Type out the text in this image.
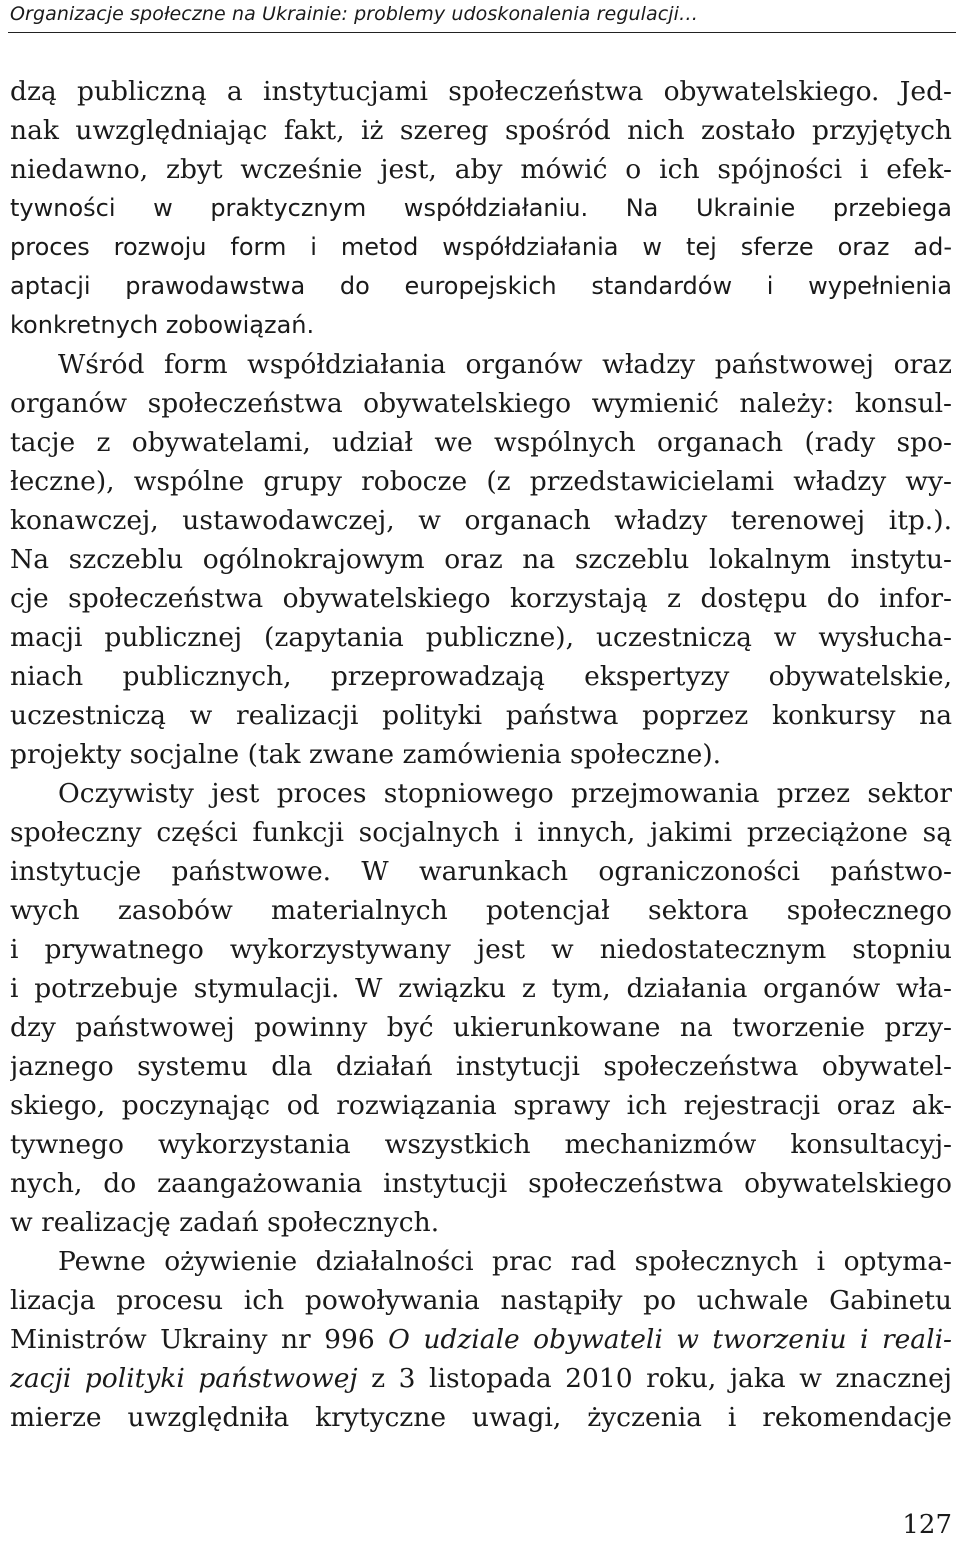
Organizacje społeczne na Ukrainie: problemy udoskonalenia regulacji…
dzą publiczną a instytucjami społeczeństwa obywatelskiego. Jed-
nak uwzględniając fakt, iż szereg spośród nich zostało przyjętych
niedawno, zbyt wcześnie jest, aby mówić o ich spójności i efek-
tywności w praktycznym współdziałaniu. Na Ukrainie przebiega
proces rozwoju form i metod współdziałania w tej sferze oraz ad-
aptacji prawodawstwa do europejskich standardów i wypełnienia
konkretnych zobowiązań.
Wśród form współdziałania organów władzy państwowej oraz
organów społeczeństwa obywatelskiego wymienić należy: konsul-
tacje z obywatelami, udział we wspólnych organach (rady spo-
łeczne), wspólne grupy robocze (z przedstawicielami władzy wy-
konawczej, ustawodawczej, w organach władzy terenowej itp.).
Na szczeblu ogólnokrajowym oraz na szczeblu lokalnym instytu-
cje społeczeństwa obywatelskiego korzystają z dostępu do infor-
macji publicznej (zapytania publiczne), uczestniczą w wysłucha-
niach publicznych, przeprowadzają ekspertyzy obywatelskie,
uczestniczą w realizacji polityki państwa poprzez konkursy na
projekty socjalne (tak zwane zamówienia społeczne).
Oczywisty jest proces stopniowego przejmowania przez sektor
społeczny części funkcji socjalnych i innych, jakimi przeciążone są
instytucje państwowe. W warunkach ograniczoności państwo-
wych zasobów materialnych potencjał sektora społecznego
i prywatnego wykorzystywany jest w niedostatecznym stopniu
i potrzebuje stymulacji. W związku z tym, działania organów wła-
dzy państwowej powinny być ukierunkowane na tworzenie przy-
jaznego systemu dla działań instytucji społeczeństwa obywatel-
skiego, poczynając od rozwiązania sprawy ich rejestracji oraz ak-
tywnego wykorzystania wszystkich mechanizmów konsultacyj-
nych, do zaangażowania instytucji społeczeństwa obywatelskiego
w realizację zadań społecznych.
Pewne ożywienie działalności prac rad społecznych i optyma-
lizacja procesu ich powoływania nastąpiły po uchwale Gabinetu
Ministrów Ukrainy nr 996 O udziale obywateli w tworzeniu i reali-
zacji polityki państwowej z 3 listopada 2010 roku, jaka w znacznej
mierze uwzględniła krytyczne uwagi, życzenia i rekomendacje
127
